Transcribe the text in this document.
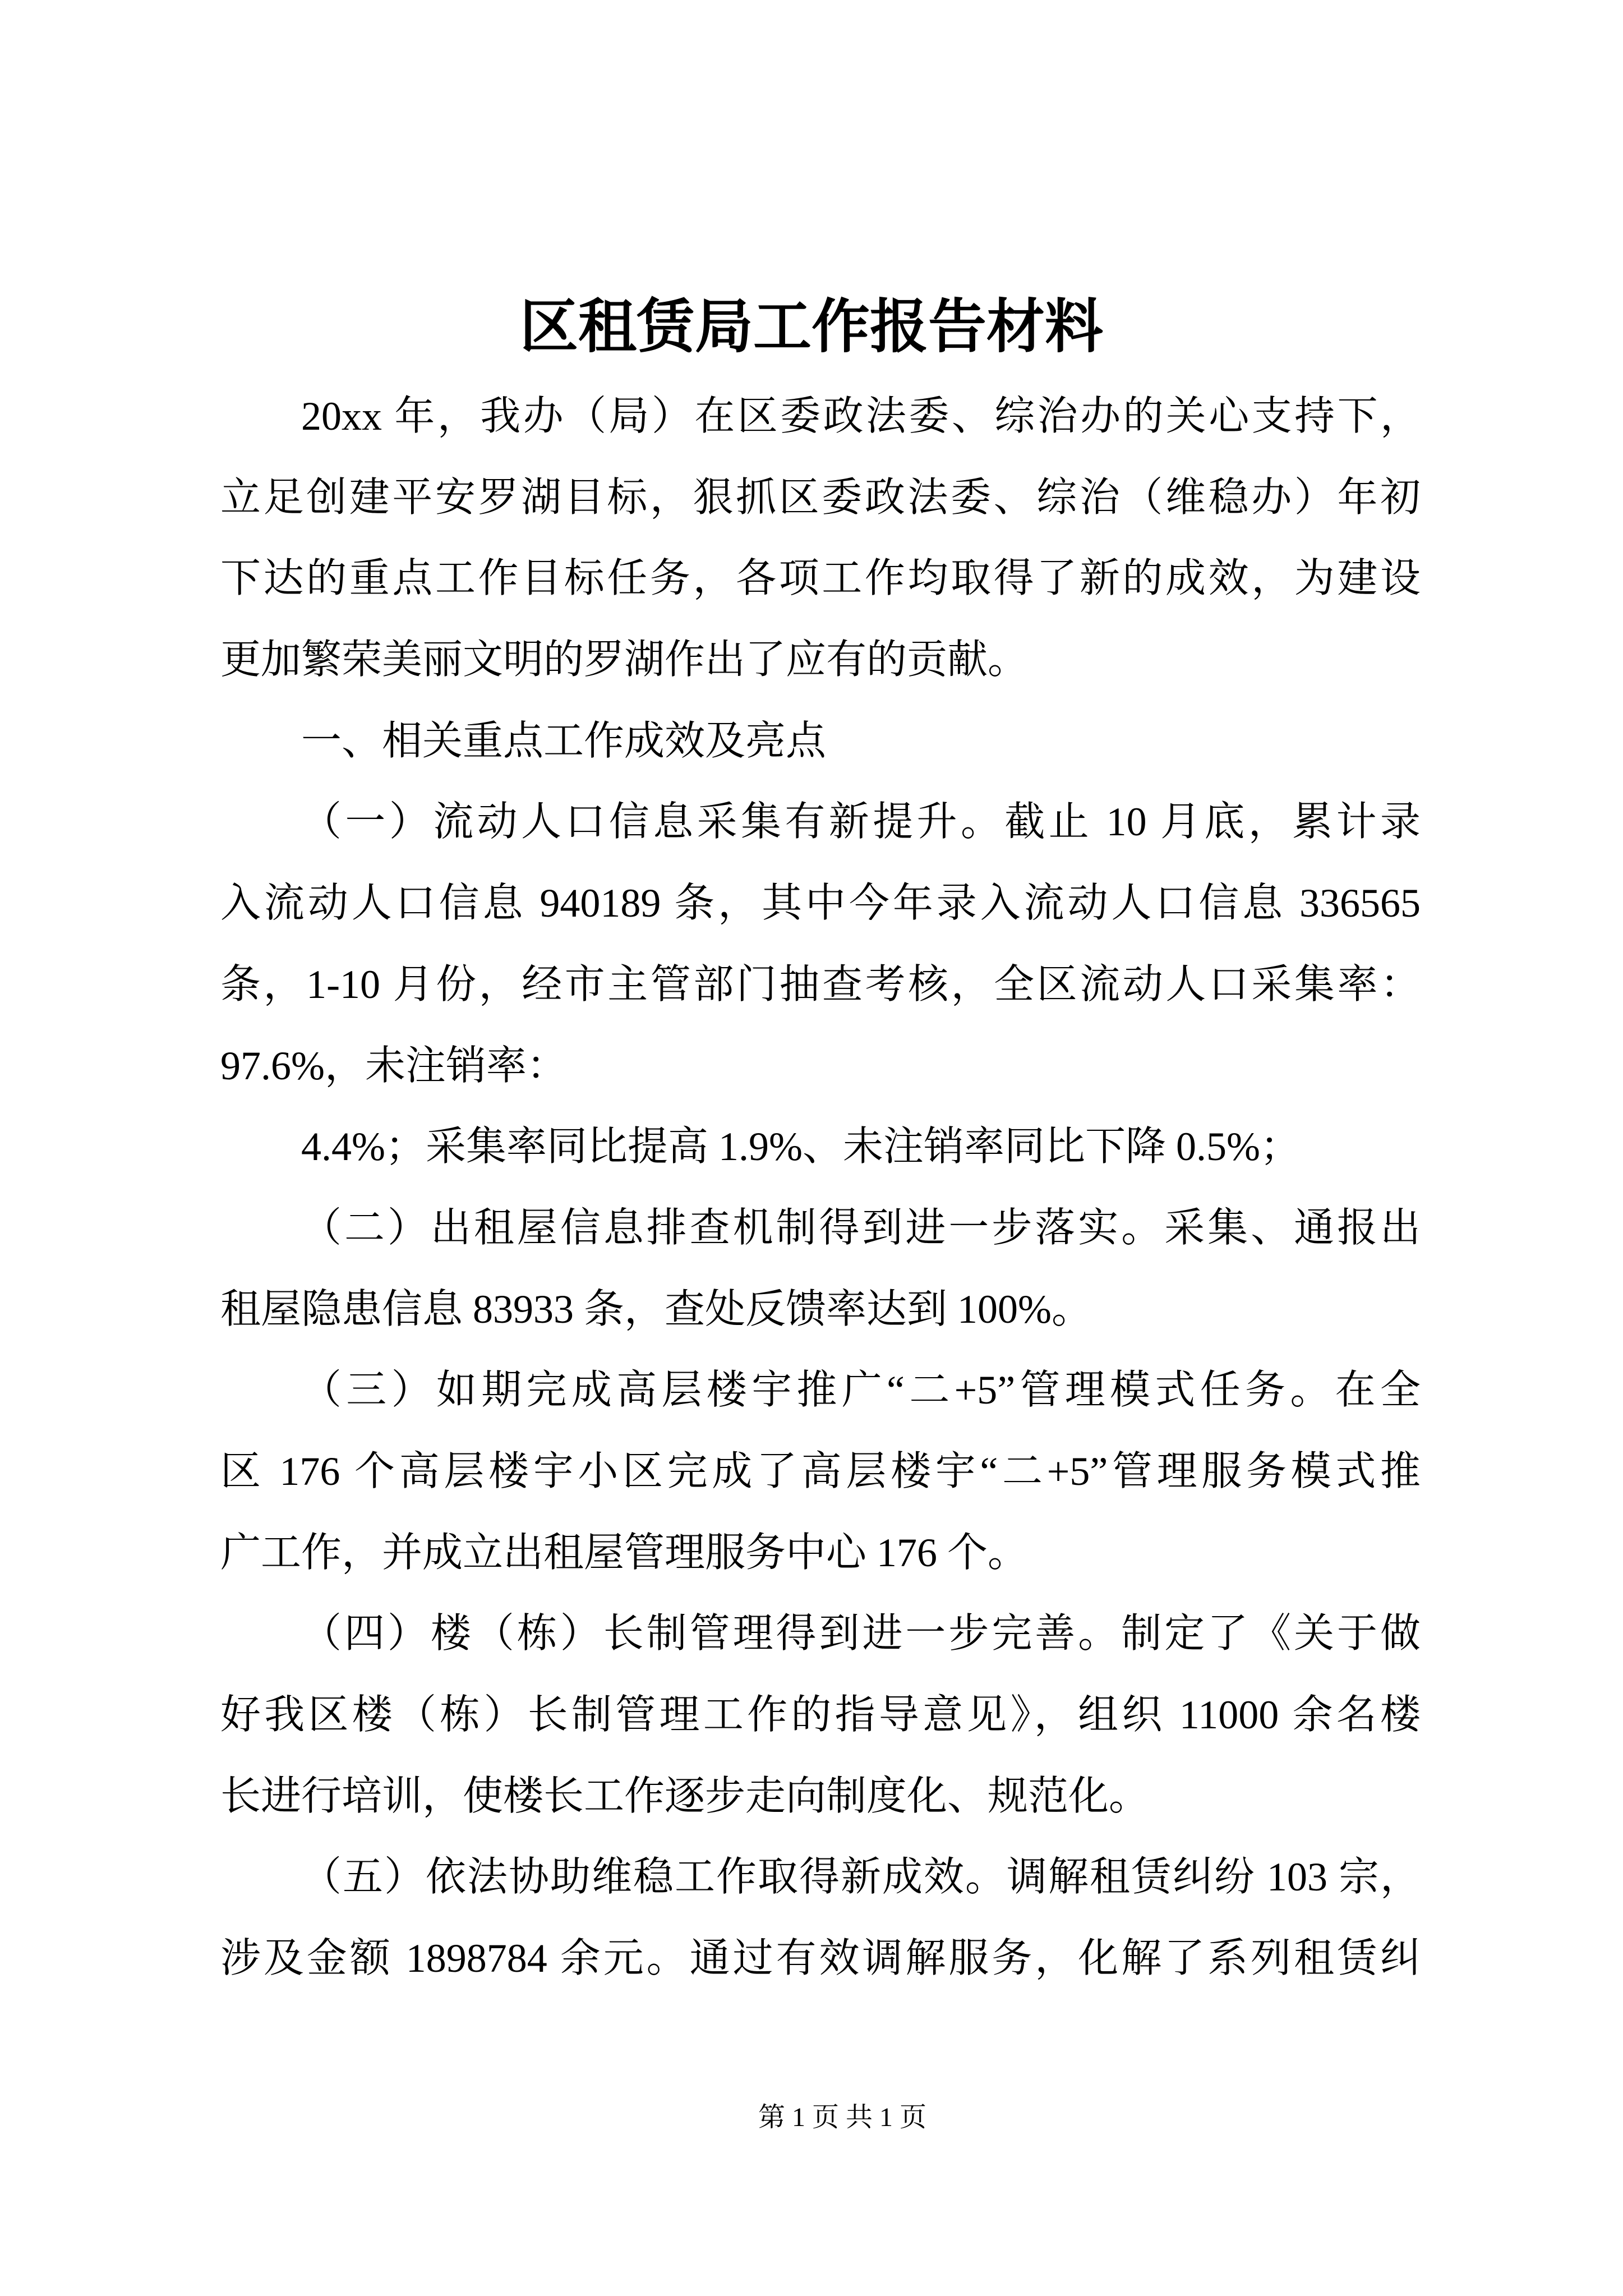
区租赁局工作报告材料
20xx 年，我办（局）在区委政法委、综治办的关心支持下，
立足创建平安罗湖目标，狠抓区委政法委、综治（维稳办）年初
下达的重点工作目标任务，各项工作均取得了新的成效，为建设
更加繁荣美丽文明的罗湖作出了应有的贡献。
一、相关重点工作成效及亮点
（一）流动人口信息采集有新提升。截止 10 月底，累计录
入流动人口信息 940189 条，其中今年录入流动人口信息 336565
条，1-10 月份，经市主管部门抽查考核，全区流动人口采集率：
97.6%，未注销率：
4.4%；采集率同比提高 1.9%、未注销率同比下降 0.5%；
（二）出租屋信息排查机制得到进一步落实。采集、通报出
租屋隐患信息 83933 条，查处反馈率达到 100%。
（三）如期完成高层楼宇推广“二+5”管理模式任务。在全
区 176 个高层楼宇小区完成了高层楼宇“二+5”管理服务模式推
广工作，并成立出租屋管理服务中心 176 个。
（四）楼（栋）长制管理得到进一步完善。制定了《关于做
好我区楼（栋）长制管理工作的指导意见》，组织 11000 余名楼
长进行培训，使楼长工作逐步走向制度化、规范化。
（五）依法协助维稳工作取得新成效。调解租赁纠纷 103 宗，
涉及金额 1898784 余元。通过有效调解服务，化解了系列租赁纠
第 1 页 共 1 页
